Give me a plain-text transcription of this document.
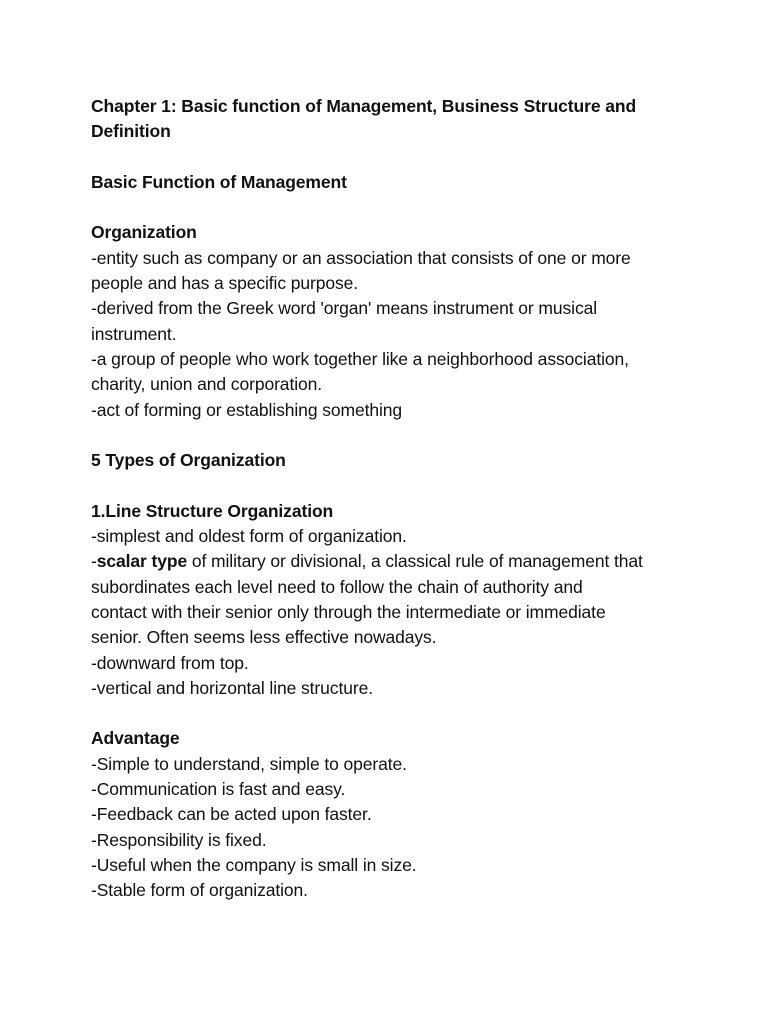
Chapter 1: Basic function of Management, Business Structure and
Definition
Basic Function of Management
Organization
-entity such as company or an association that consists of one or more
people and has a specific purpose.
-derived from the Greek word 'organ' means instrument or musical
instrument.
-a group of people who work together like a neighborhood association,
charity, union and corporation.
-act of forming or establishing something
5 Types of Organization
1.Line Structure Organization
-simplest and oldest form of organization.
-scalar type of military or divisional, a classical rule of management that
subordinates each level need to follow the chain of authority and
contact with their senior only through the intermediate or immediate
senior. Often seems less effective nowadays.
-downward from top.
-vertical and horizontal line structure.
Advantage
-Simple to understand, simple to operate.
-Communication is fast and easy.
-Feedback can be acted upon faster.
-Responsibility is fixed.
-Useful when the company is small in size.
-Stable form of organization.
